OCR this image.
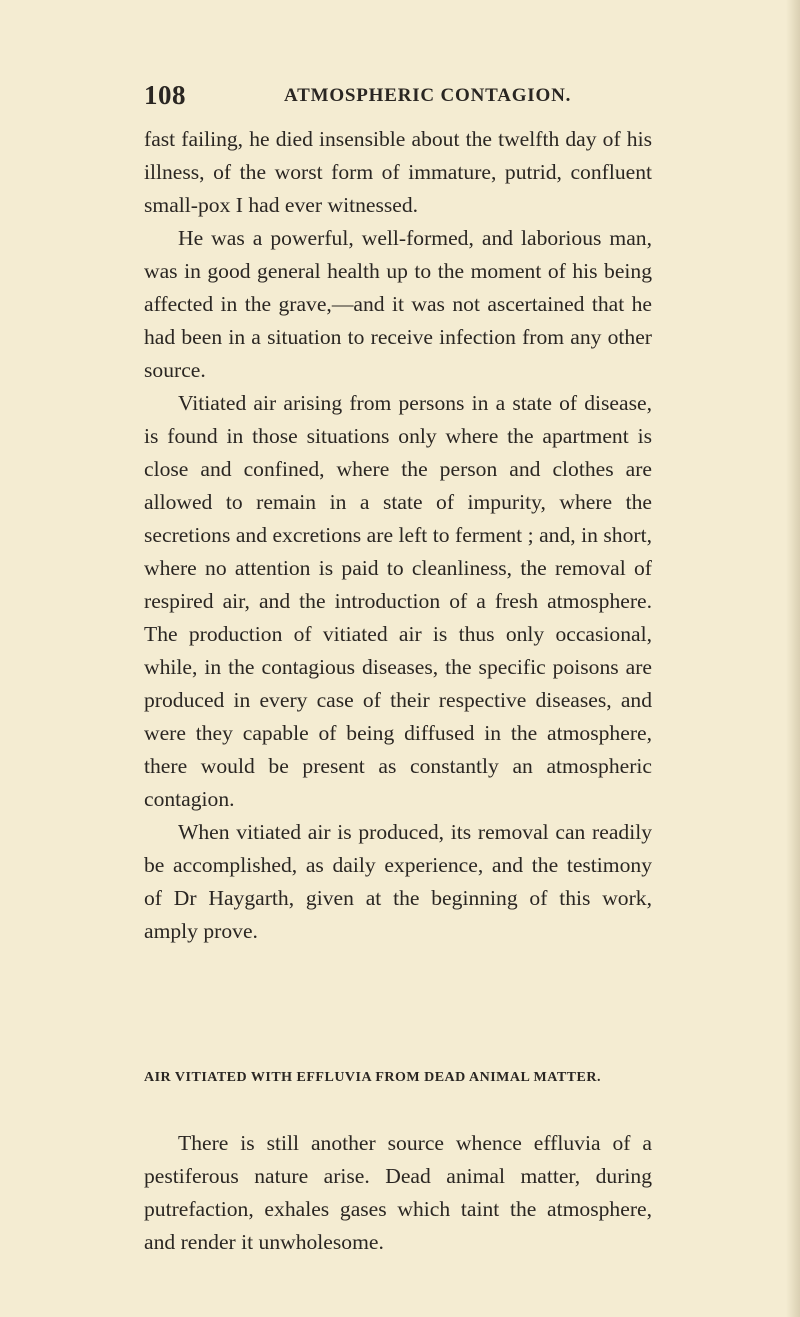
108	ATMOSPHERIC CONTAGION.

fast failing, he died insensible about the twelfth day of his illness, of the worst form of immature, putrid, confluent small-pox I had ever witnessed.

He was a powerful, well-formed, and laborious man, was in good general health up to the moment of his being affected in the grave,—and it was not ascertained that he had been in a situation to receive infection from any other source.

Vitiated air arising from persons in a state of disease, is found in those situations only where the apartment is close and confined, where the person and clothes are allowed to remain in a state of impurity, where the secretions and excretions are left to ferment ; and, in short, where no attention is paid to cleanliness, the removal of respired air, and the introduction of a fresh atmosphere. The production of vitiated air is thus only occasional, while, in the contagious diseases, the specific poisons are produced in every case of their respective diseases, and were they capable of being diffused in the atmosphere, there would be present as constantly an atmospheric contagion.

When vitiated air is produced, its removal can readily be accomplished, as daily experience, and the testimony of Dr Haygarth, given at the beginning of this work, amply prove.

AIR VITIATED WITH EFFLUVIA FROM DEAD ANIMAL MATTER.

There is still another source whence effluvia of a pestiferous nature arise. Dead animal matter, during putrefaction, exhales gases which taint the atmosphere, and render it unwholesome.
